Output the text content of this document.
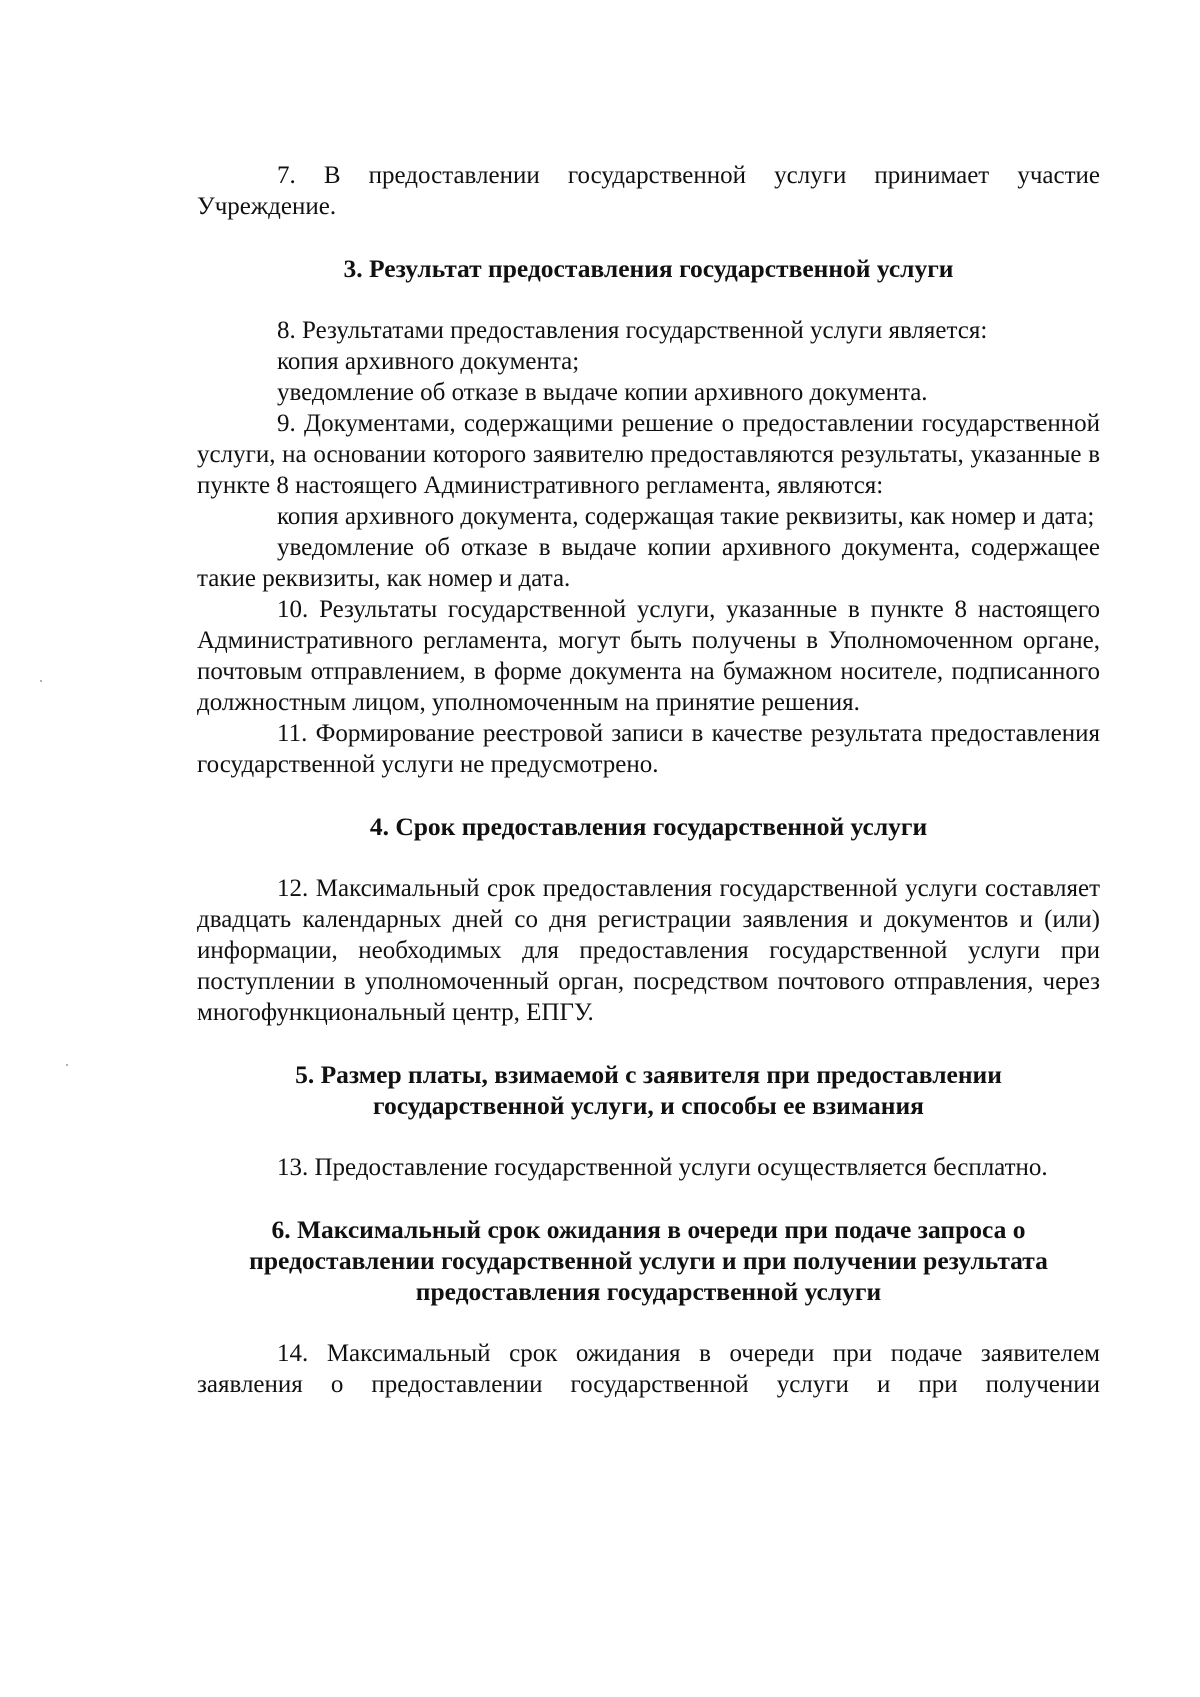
7. В предоставлении государственной услуги принимает участие Учреждение.

3. Результат предоставления государственной услуги

8. Результатами предоставления государственной услуги является:

копия архивного документа;

уведомление об отказе в выдаче копии архивного документа.

9. Документами, содержащими решение о предоставлении государственной услуги, на основании которого заявителю предоставляются результаты, указанные в пункте 8 настоящего Административного регламента, являются:

копия архивного документа, содержащая такие реквизиты, как номер и дата;

уведомление об отказе в выдаче копии архивного документа, содержащее такие реквизиты, как номер и дата.

10. Результаты государственной услуги, указанные в пункте 8 настоящего Административного регламента, могут быть получены в Уполномоченном органе, почтовым отправлением, в форме документа на бумажном носителе, подписанного должностным лицом, уполномоченным на принятие решения.

11. Формирование реестровой записи в качестве результата предоставления государственной услуги не предусмотрено.

4. Срок предоставления государственной услуги

12. Максимальный срок предоставления государственной услуги составляет двадцать календарных дней со дня регистрации заявления и документов и (или) информации, необходимых для предоставления государственной услуги при поступлении в уполномоченный орган, посредством почтового отправления, через многофункциональный центр, ЕПГУ.

5. Размер платы, взимаемой с заявителя при предоставлении

государственной услуги, и способы ее взимания

13. Предоставление государственной услуги осуществляется бесплатно.

6. Максимальный срок ожидания в очереди при подаче запроса о

предоставлении государственной услуги и при получении результата

предоставления государственной услуги

14. Максимальный срок ожидания в очереди при подаче заявителем заявления о предоставлении государственной услуги и при получении
